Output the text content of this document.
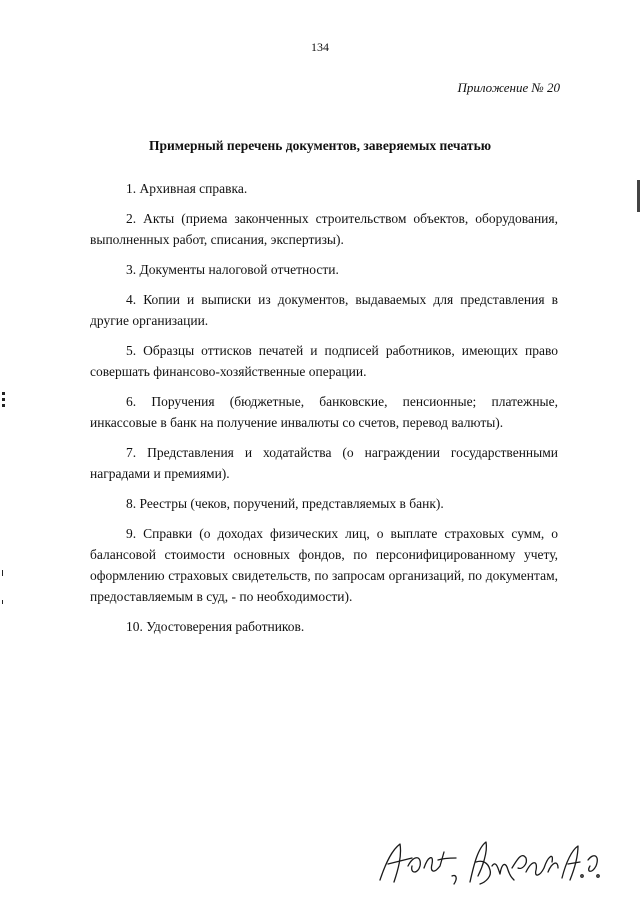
134
Приложение № 20
Примерный перечень документов, заверяемых печатью

1. Архивная справка.

2. Акты (приема законченных строительством объектов, оборудования, выполненных работ, списания, экспертизы).

3. Документы налоговой отчетности.

4. Копии и выписки из документов, выдаваемых для представления в другие организации.

5. Образцы оттисков печатей и подписей работников, имеющих право совершать финансово-хозяйственные операции.

6. Поручения (бюджетные, банковские, пенсионные; платежные, инкассовые в банк на получение инвалюты со счетов, перевод валюты).

7. Представления и ходатайства (о награждении государственными наградами и премиями).

8. Реестры (чеков, поручений, представляемых в банк).

9. Справки (о доходах физических лиц, о выплате страховых сумм, о балансовой стоимости основных фондов, по персонифицированному учету, оформлению страховых свидетельств, по запросам организаций, по документам, предоставляемым в суд, - по необходимости).

10. Удостоверения работников.
